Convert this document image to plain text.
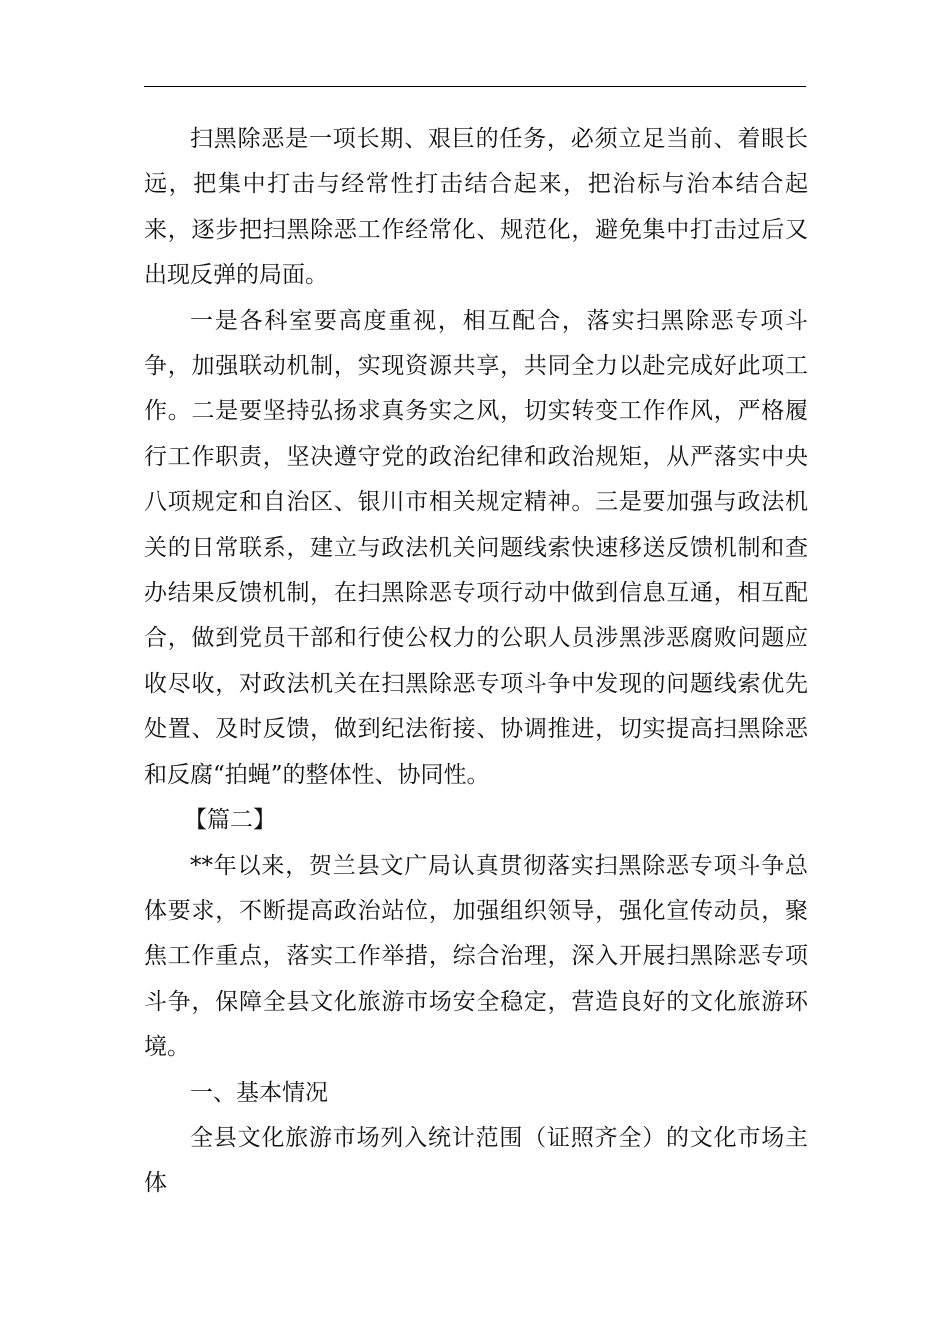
扫黑除恶是一项长期、艰巨的任务，必须立足当前、着眼长远，把集中打击与经常性打击结合起来，把治标与治本结合起来，逐步把扫黑除恶工作经常化、规范化，避免集中打击过后又出现反弹的局面。

一是各科室要高度重视，相互配合，落实扫黑除恶专项斗争，加强联动机制，实现资源共享，共同全力以赴完成好此项工作。二是要坚持弘扬求真务实之风，切实转变工作作风，严格履行工作职责，坚决遵守党的政治纪律和政治规矩，从严落实中央八项规定和自治区、银川市相关规定精神。三是要加强与政法机关的日常联系，建立与政法机关问题线索快速移送反馈机制和查办结果反馈机制，在扫黑除恶专项行动中做到信息互通，相互配合，做到党员干部和行使公权力的公职人员涉黑涉恶腐败问题应收尽收，对政法机关在扫黑除恶专项斗争中发现的问题线索优先处置、及时反馈，做到纪法衔接、协调推进，切实提高扫黑除恶和反腐“拍蝇”的整体性、协同性。

【篇二】

**年以来，贺兰县文广局认真贯彻落实扫黑除恶专项斗争总体要求，不断提高政治站位，加强组织领导，强化宣传动员，聚焦工作重点，落实工作举措，综合治理，深入开展扫黑除恶专项斗争，保障全县文化旅游市场安全稳定，营造良好的文化旅游环境。

一、基本情况

全县文化旅游市场列入统计范围（证照齐全）的文化市场主体
